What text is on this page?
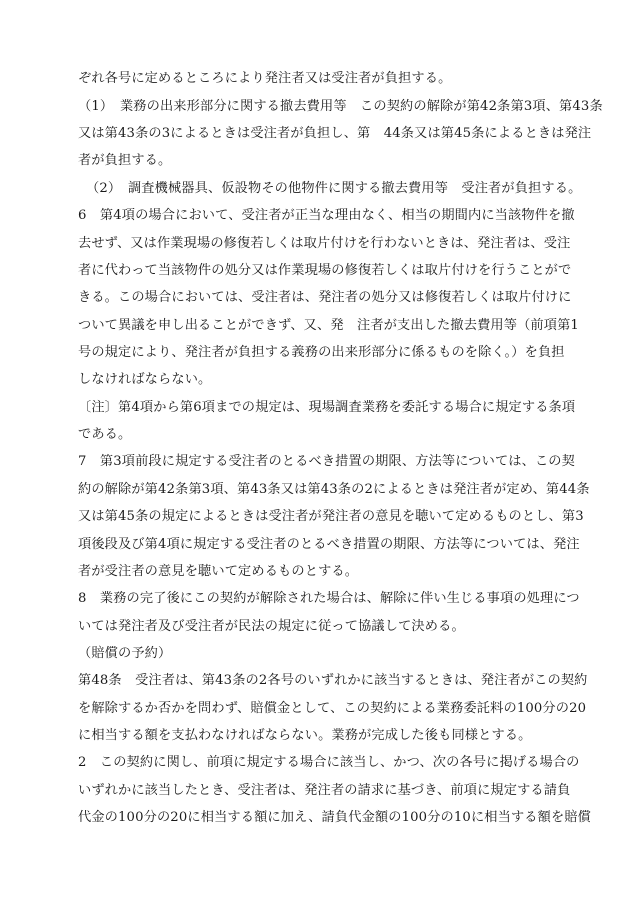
ぞれ各号に定めるところにより発注者又は受注者が負担する。
（1）　業務の出来形部分に関する撤去費用等　この契約の解除が第42条第3項、第43条
又は第43条の3によるときは受注者が負担し、第　44条又は第45条によるときは発注
者が負担する。
（2）　調査機械器具、仮設物その他物件に関する撤去費用等　受注者が負担する。
6　第4項の場合において、受注者が正当な理由なく、相当の期間内に当該物件を撤
去せず、又は作業現場の修復若しくは取片付けを行わないときは、発注者は、受注
者に代わって当該物件の処分又は作業現場の修復若しくは取片付けを行うことがで
きる。この場合においては、受注者は、発注者の処分又は修復若しくは取片付けに
ついて異議を申し出ることができず、又、発　注者が支出した撤去費用等（前項第1
号の規定により、発注者が負担する義務の出来形部分に係るものを除く。）を負担
しなければならない。
〔注〕第4項から第6項までの規定は、現場調査業務を委託する場合に規定する条項
である。
7　第3項前段に規定する受注者のとるべき措置の期限、方法等については、この契
約の解除が第42条第3項、第43条又は第43条の2によるときは発注者が定め、第44条
又は第45条の規定によるときは受注者が発注者の意見を聴いて定めるものとし、第3
項後段及び第4項に規定する受注者のとるべき措置の期限、方法等については、発注
者が受注者の意見を聴いて定めるものとする。
8　業務の完了後にこの契約が解除された場合は、解除に伴い生じる事項の処理につ
いては発注者及び受注者が民法の規定に従って協議して決める。
（賠償の予約）
第48条　受注者は、第43条の2各号のいずれかに該当するときは、発注者がこの契約
を解除するか否かを問わず、賠償金として、この契約による業務委託料の100分の20
に相当する額を支払わなければならない。業務が完成した後も同様とする。
2　この契約に関し、前項に規定する場合に該当し、かつ、次の各号に掲げる場合の
いずれかに該当したとき、受注者は、発注者の請求に基づき、前項に規定する請負
代金の100分の20に相当する額に加え、請負代金額の100分の10に相当する額を賠償
